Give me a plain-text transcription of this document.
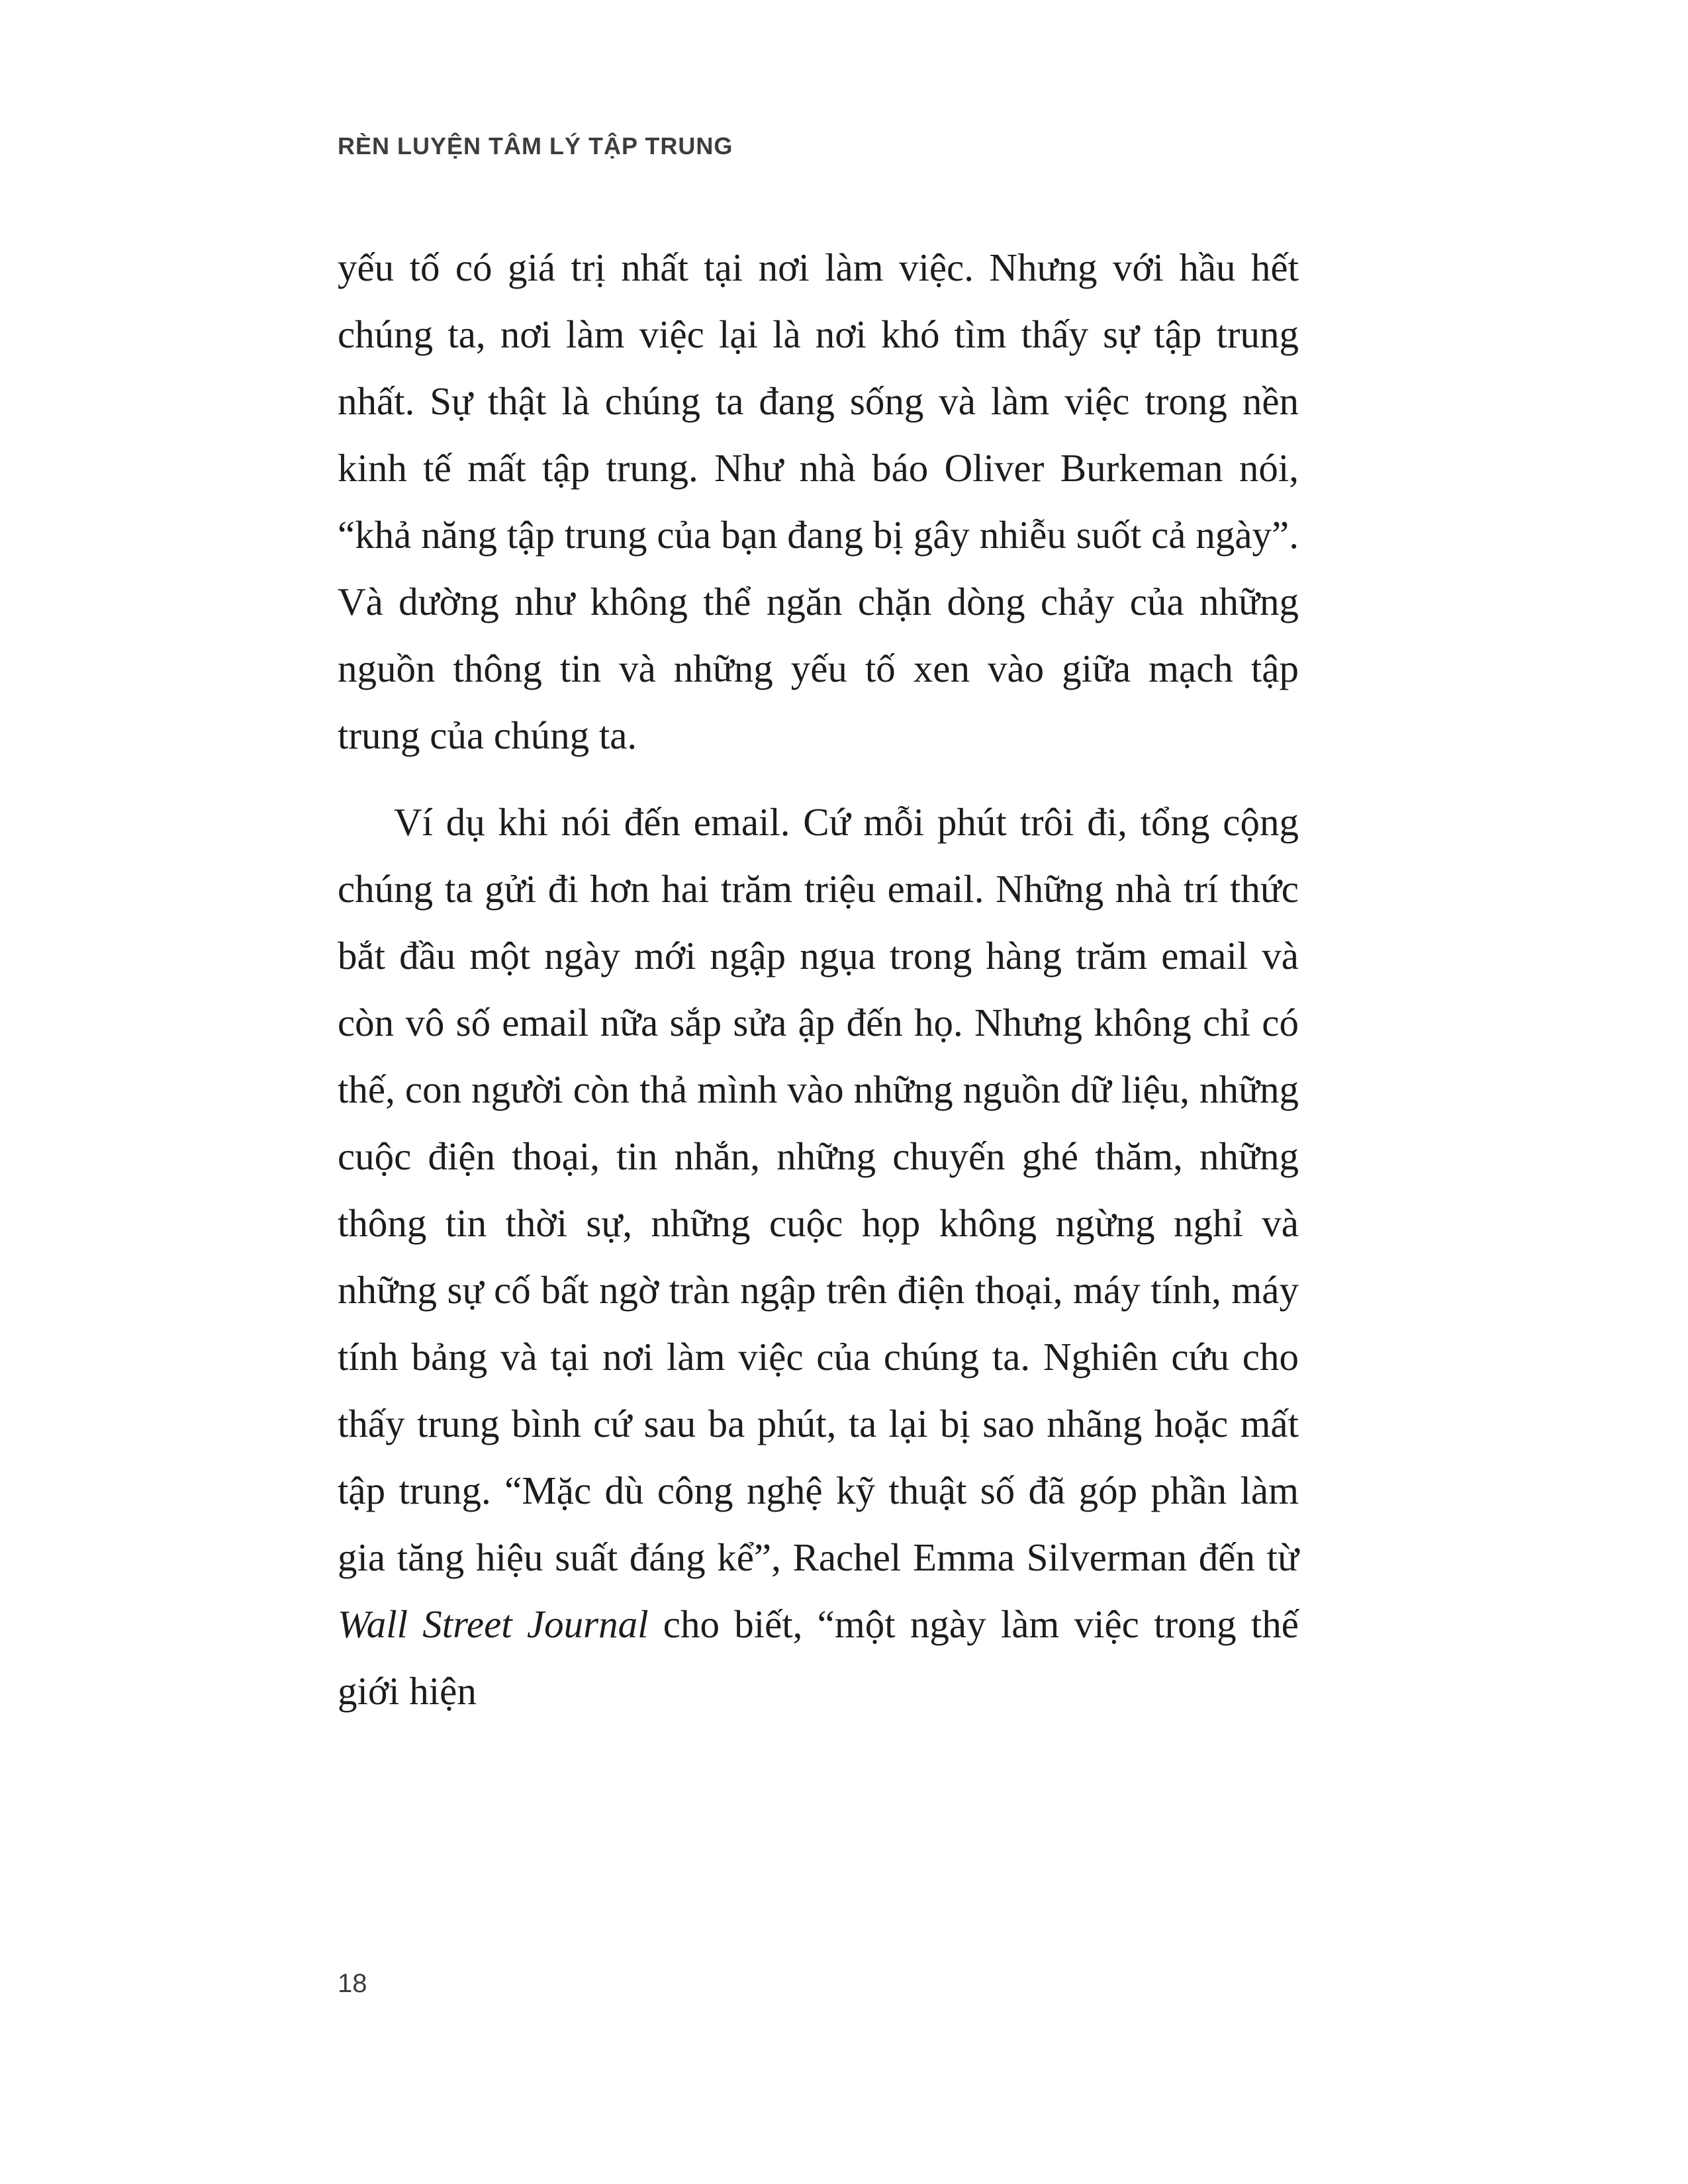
RÈN LUYỆN TÂM LÝ TẬP TRUNG

yếu tố có giá trị nhất tại nơi làm việc. Nhưng với hầu hết chúng ta, nơi làm việc lại là nơi khó tìm thấy sự tập trung nhất. Sự thật là chúng ta đang sống và làm việc trong nền kinh tế mất tập trung. Như nhà báo Oliver Burkeman nói, “khả năng tập trung của bạn đang bị gây nhiễu suốt cả ngày”. Và dường như không thể ngăn chặn dòng chảy của những nguồn thông tin và những yếu tố xen vào giữa mạch tập trung của chúng ta.

Ví dụ khi nói đến email. Cứ mỗi phút trôi đi, tổng cộng chúng ta gửi đi hơn hai trăm triệu email. Những nhà trí thức bắt đầu một ngày mới ngập ngụa trong hàng trăm email và còn vô số email nữa sắp sửa ập đến họ. Nhưng không chỉ có thế, con người còn thả mình vào những nguồn dữ liệu, những cuộc điện thoại, tin nhắn, những chuyến ghé thăm, những thông tin thời sự, những cuộc họp không ngừng nghỉ và những sự cố bất ngờ tràn ngập trên điện thoại, máy tính, máy tính bảng và tại nơi làm việc của chúng ta. Nghiên cứu cho thấy trung bình cứ sau ba phút, ta lại bị sao nhãng hoặc mất tập trung. “Mặc dù công nghệ kỹ thuật số đã góp phần làm gia tăng hiệu suất đáng kể”, Rachel Emma Silverman đến từ Wall Street Journal cho biết, “một ngày làm việc trong thế giới hiện

18
